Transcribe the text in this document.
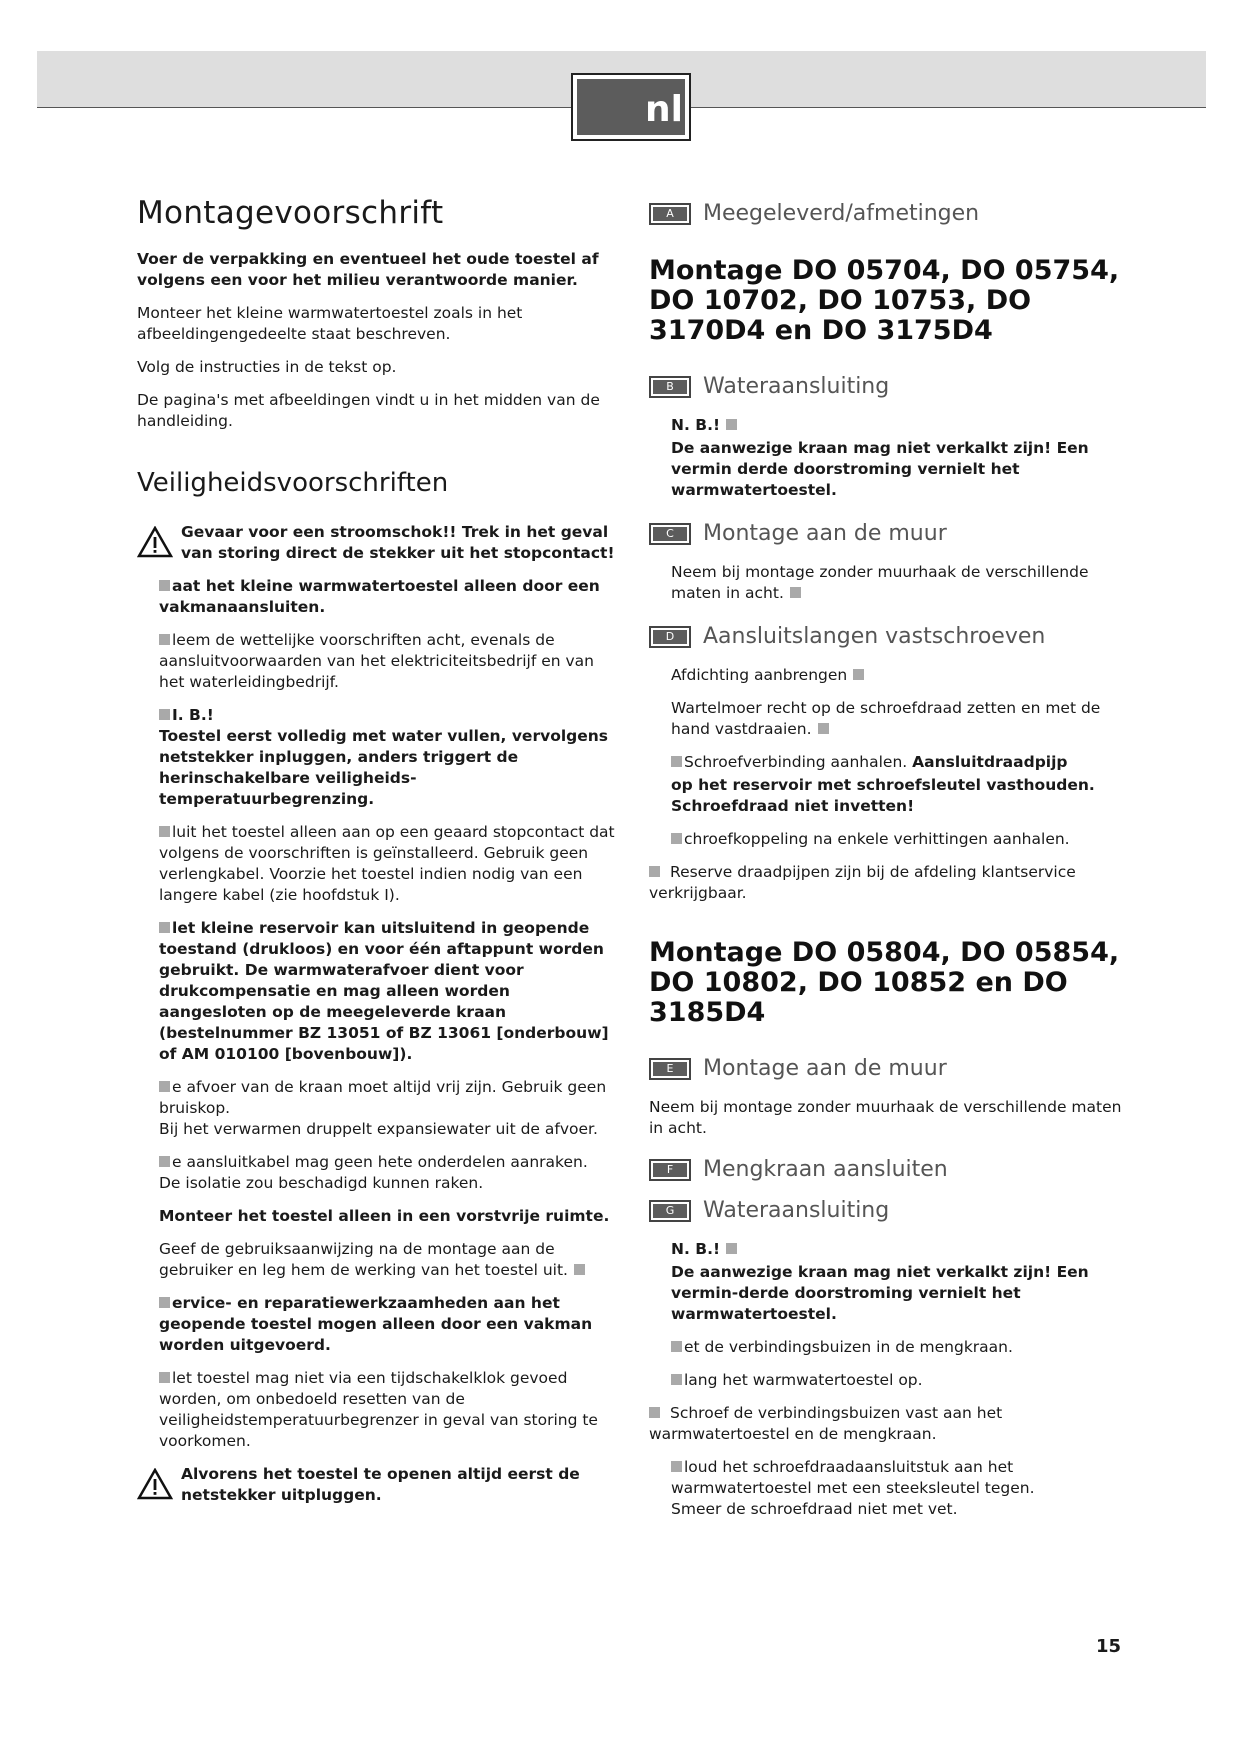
nl
Montagevoorschrift

Voer de verpakking en eventueel het oude toestel af volgens een voor het milieu verantwoorde manier.

Monteer het kleine warmwatertoestel zoals in het afbeeldingengedeelte staat beschreven.

Volg de instructies in de tekst op.

De pagina's met afbeeldingen vindt u in het midden van de handleiding.

Veiligheidsvoorschriften

Gevaar voor een stroomschok!! Trek in het geval van storing direct de stekker uit het stopcontact!

aat het kleine warmwatertoestel alleen door een vakmanaansluiten.

leem de wettelijke voorschriften acht, evenals de aansluitvoorwaarden van het elektriciteitsbedrijf en van het waterleidingbedrijf.

I. B.!
Toestel eerst volledig met water vullen, vervolgens netstekker inpluggen, anders triggert de herinschakelbare veiligheids-temperatuurbegrenzing.

luit het toestel alleen aan op een geaard stopcontact dat volgens de voorschriften is geïnstalleerd. Gebruik geen verlengkabel. Voorzie het toestel indien nodig van een langere kabel (zie hoofdstuk I).

let kleine reservoir kan uitsluitend in geopende toestand (drukloos) en voor één aftappunt worden gebruikt. De warmwaterafvoer dient voor drukcompensatie en mag alleen worden aangesloten op de meegeleverde kraan (bestelnummer BZ 13051 of BZ 13061 [onderbouw] of AM 010100 [bovenbouw]).

e afvoer van de kraan moet altijd vrij zijn. Gebruik geen bruiskop.
Bij het verwarmen druppelt expansiewater uit de afvoer.

e aansluitkabel mag geen hete onderdelen aanraken.
De isolatie zou beschadigd kunnen raken.

Monteer het toestel alleen in een vorstvrije ruimte.

Geef de gebruiksaanwijzing na de montage aan de gebruiker en leg hem de werking van het toestel uit.

ervice- en reparatiewerkzaamheden aan het geopende toestel mogen alleen door een vakman worden uitgevoerd.

let toestel mag niet via een tijdschakelklok gevoed worden, om onbedoeld resetten van de veiligheidstemperatuurbegrenzer in geval van storing te voorkomen.

Alvorens het toestel te openen altijd eerst de netstekker uitpluggen.

A	Meegeleverd/afmetingen
Montage DO 05704, DO 05754, DO 10702, DO 10753, DO 3170D4 en DO 3175D4
B	Wateraansluiting

N. B.!

De aanwezige kraan mag niet verkalkt zijn! Een vermin derde doorstroming vernielt het warmwatertoestel.

C	Montage aan de muur

Neem bij montage zonder muurhaak de verschillende maten in acht.

D	Aansluitslangen vastschroeven

Afdichting aanbrengen

Wartelmoer recht op de schroefdraad zetten en met de hand vastdraaien.

Schroefverbinding aanhalen. Aansluitdraadpijp

op het reservoir met schroefsleutel vasthouden. Schroefdraad niet invetten!

chroefkoppeling na enkele verhittingen aanhalen.

Reserve draadpijpen zijn bij de afdeling klantservice verkrijgbaar.

Montage DO 05804, DO 05854, DO 10802, DO 10852 en DO 3185D4
E	Montage aan de muur

Neem bij montage zonder muurhaak de verschillende maten in acht.

F	Mengkraan aansluiten
G	Wateraansluiting

N. B.!

De aanwezige kraan mag niet verkalkt zijn! Een vermin-derde doorstroming vernielt het warmwatertoestel.

et de verbindingsbuizen in de mengkraan.

lang het warmwatertoestel op.

Schroef de verbindingsbuizen vast aan het warmwatertoestel en de mengkraan.

loud het schroefdraadaansluitstuk aan het warmwatertoestel met een steeksleutel tegen.
Smeer de schroefdraad niet met vet.

15
